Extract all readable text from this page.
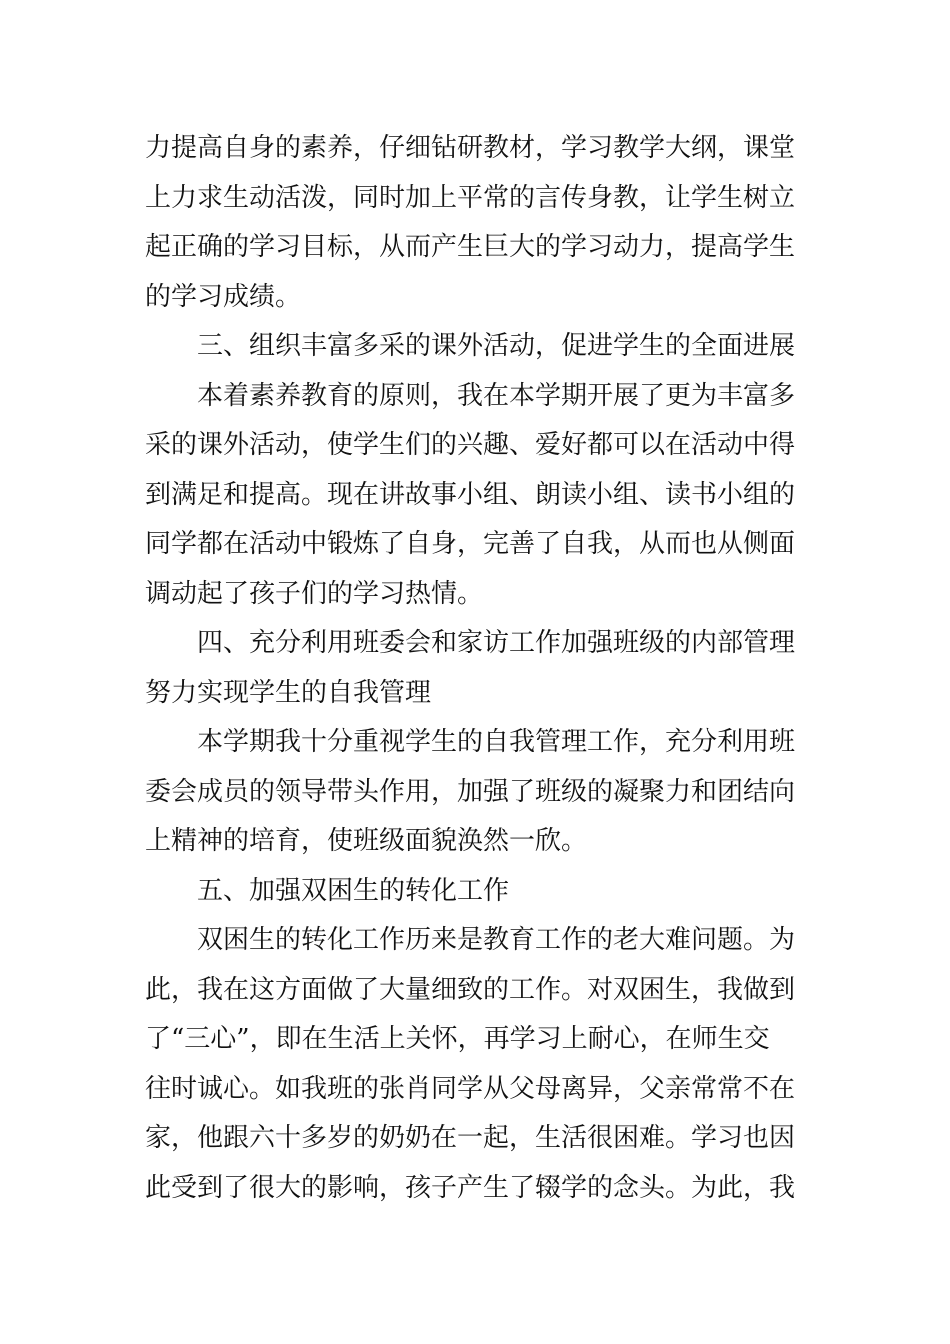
力提高自身的素养，仔细钻研教材，学习教学大纲，课堂
上力求生动活泼，同时加上平常的言传身教，让学生树立
起正确的学习目标，从而产生巨大的学习动力，提高学生
的学习成绩。
三、组织丰富多采的课外活动，促进学生的全面进展
本着素养教育的原则，我在本学期开展了更为丰富多
采的课外活动，使学生们的兴趣、爱好都可以在活动中得
到满足和提高。现在讲故事小组、朗读小组、读书小组的
同学都在活动中锻炼了自身，完善了自我，从而也从侧面
调动起了孩子们的学习热情。
四、充分利用班委会和家访工作加强班级的内部管理
努力实现学生的自我管理
本学期我十分重视学生的自我管理工作，充分利用班
委会成员的领导带头作用，加强了班级的凝聚力和团结向
上精神的培育，使班级面貌涣然一欣。
五、加强双困生的转化工作
双困生的转化工作历来是教育工作的老大难问题。为
此，我在这方面做了大量细致的工作。对双困生，我做到
了“三心”，即在生活上关怀，再学习上耐心，在师生交
往时诚心。如我班的张肖同学从父母离异，父亲常常不在
家，他跟六十多岁的奶奶在一起，生活很困难。学习也因
此受到了很大的影响，孩子产生了辍学的念头。为此，我
